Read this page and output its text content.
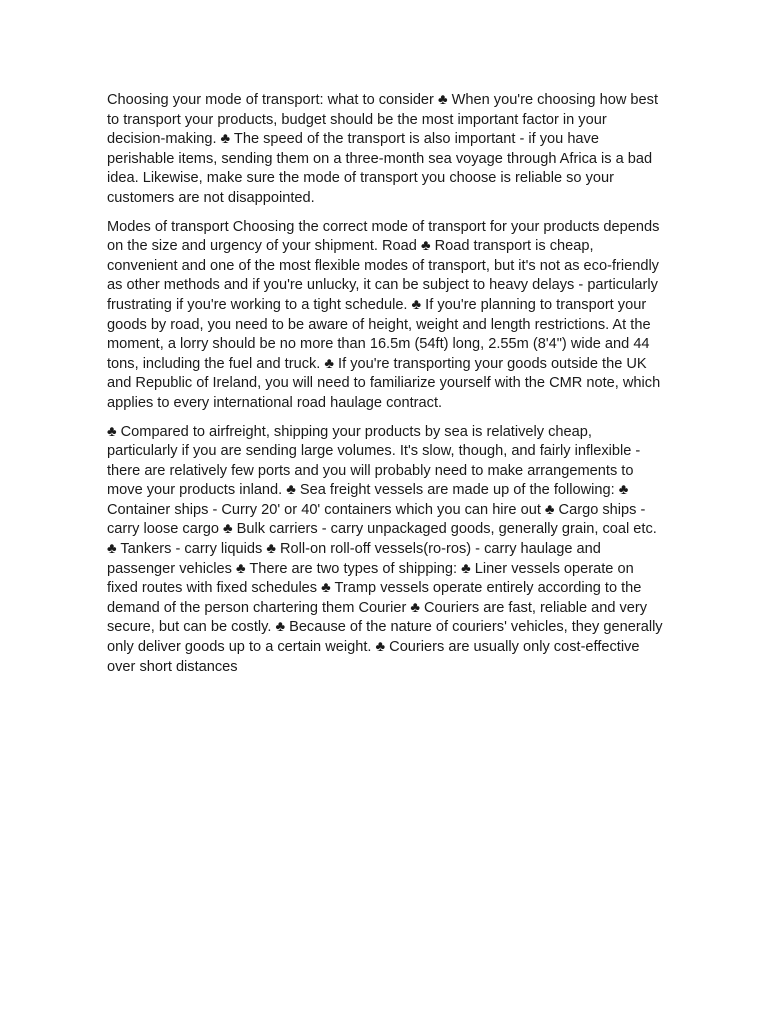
Choosing your mode of transport: what to consider ♣ When you're choosing how best to transport your products, budget should be the most important factor in your decision-making. ♣ The speed of the transport is also important - if you have perishable items, sending them on a three-month sea voyage through Africa is a bad idea. Likewise, make sure the mode of transport you choose is reliable so your customers are not disappointed.

Modes of transport Choosing the correct mode of transport for your products depends on the size and urgency of your shipment. Road ♣ Road transport is cheap, convenient and one of the most flexible modes of transport, but it's not as eco-friendly as other methods and if you're unlucky, it can be subject to heavy delays - particularly frustrating if you're working to a tight schedule. ♣ If you're planning to transport your goods by road, you need to be aware of height, weight and length restrictions. At the moment, a lorry should be no more than 16.5m (54ft) long, 2.55m (8'4") wide and 44 tons, including the fuel and truck. ♣ If you're transporting your goods outside the UK and Republic of Ireland, you will need to familiarize yourself with the CMR note, which applies to every international road haulage contract.

♣ Compared to airfreight, shipping your products by sea is relatively cheap, particularly if you are sending large volumes. It's slow, though, and fairly inflexible - there are relatively few ports and you will probably need to make arrangements to move your products inland. ♣ Sea freight vessels are made up of the following: ♣ Container ships - Curry 20' or 40' containers which you can hire out ♣ Cargo ships - carry loose cargo ♣ Bulk carriers - carry unpackaged goods, generally grain, coal etc. ♣ Tankers - carry liquids ♣ Roll-on roll-off vessels(ro-ros) - carry haulage and passenger vehicles ♣ There are two types of shipping: ♣ Liner vessels operate on fixed routes with fixed schedules ♣ Tramp vessels operate entirely according to the demand of the person chartering them Courier ♣ Couriers are fast, reliable and very secure, but can be costly. ♣ Because of the nature of couriers' vehicles, they generally only deliver goods up to a certain weight. ♣ Couriers are usually only cost-effective over short distances
